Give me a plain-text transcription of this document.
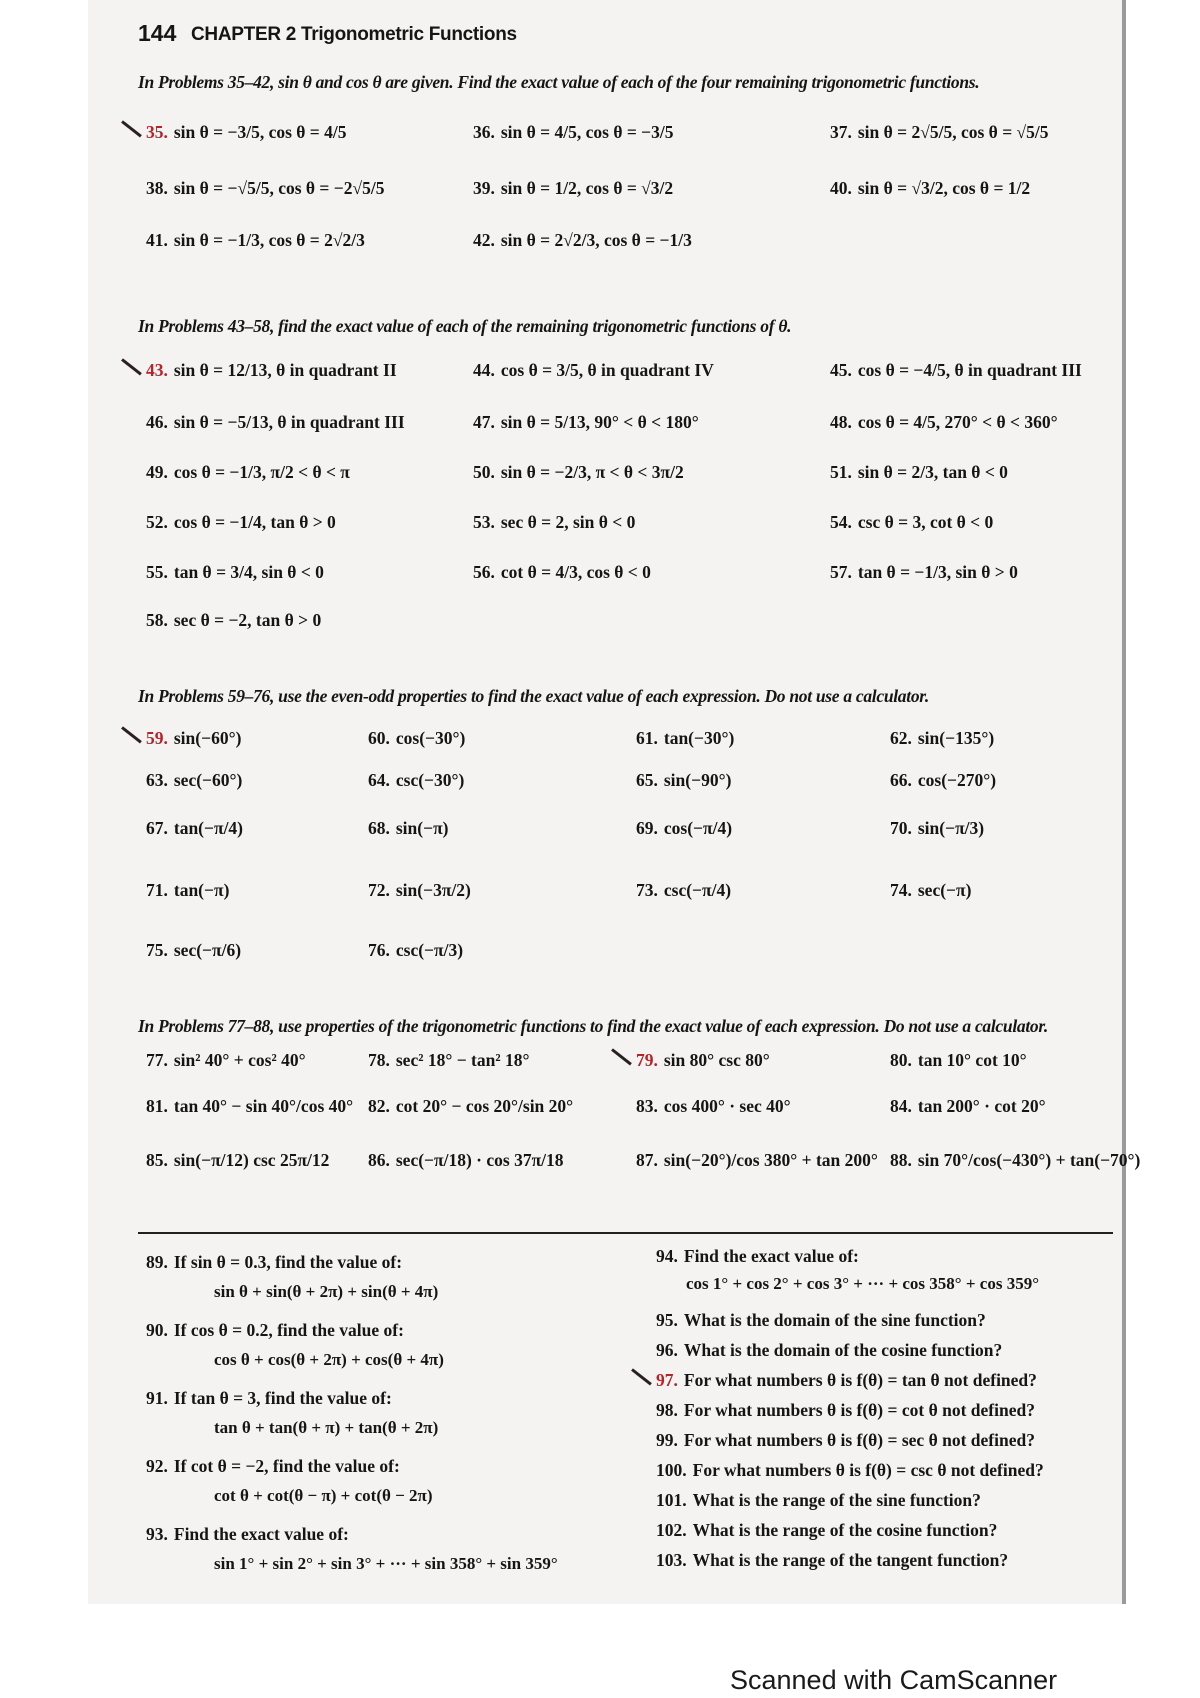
144 CHAPTER 2 Trigonometric Functions
In Problems 35–42, sin θ and cos θ are given. Find the exact value of each of the four remaining trigonometric functions.
35. sin θ = −3/5, cos θ = 4/5	36. sin θ = 4/5, cos θ = −3/5	37. sin θ = 2√5/5, cos θ = √5/5
38. sin θ = −√5/5, cos θ = −2√5/5	39. sin θ = 1/2, cos θ = √3/2	40. sin θ = √3/2, cos θ = 1/2
41. sin θ = −1/3, cos θ = 2√2/3	42. sin θ = 2√2/3, cos θ = −1/3
In Problems 43–58, find the exact value of each of the remaining trigonometric functions of θ.
43. sin θ = 12/13, θ in quadrant II	44. cos θ = 3/5, θ in quadrant IV	45. cos θ = −4/5, θ in quadrant III
46. sin θ = −5/13, θ in quadrant III	47. sin θ = 5/13, 90° < θ < 180°	48. cos θ = 4/5, 270° < θ < 360°
49. cos θ = −1/3, π/2 < θ < π	50. sin θ = −2/3, π < θ < 3π/2	51. sin θ = 2/3, tan θ < 0
52. cos θ = −1/4, tan θ > 0	53. sec θ = 2, sin θ < 0	54. csc θ = 3, cot θ < 0
55. tan θ = 3/4, sin θ < 0	56. cot θ = 4/3, cos θ < 0	57. tan θ = −1/3, sin θ > 0
58. sec θ = −2, tan θ > 0
In Problems 59–76, use the even-odd properties to find the exact value of each expression. Do not use a calculator.
59. sin(−60°)	60. cos(−30°)	61. tan(−30°)	62. sin(−135°)
63. sec(−60°)	64. csc(−30°)	65. sin(−90°)	66. cos(−270°)
67. tan(−π/4)	68. sin(−π)	69. cos(−π/4)	70. sin(−π/3)
71. tan(−π)	72. sin(−3π/2)	73. csc(−π/4)	74. sec(−π)
75. sec(−π/6)	76. csc(−π/3)
In Problems 77–88, use properties of the trigonometric functions to find the exact value of each expression. Do not use a calculator.
77. sin² 40° + cos² 40°	78. sec² 18° − tan² 18°	79. sin 80° csc 80°	80. tan 10° cot 10°
81. tan 40° − sin 40°/cos 40° 82. cot 20° − cos 20°/sin 20°	83. cos 400° · sec 40°	84. tan 200° · cot 20°
85. sin(−π/12) csc 25π/12 86. sec(−π/18) · cos 37π/18	87. sin(−20°)/cos 380° + tan 200° 88. sin 70°/cos(−430°) + tan(−70°)
89. If sin θ = 0.3, find the value of:
sin θ + sin(θ + 2π) + sin(θ + 4π)
90. If cos θ = 0.2, find the value of:
cos θ + cos(θ + 2π) + cos(θ + 4π)
91. If tan θ = 3, find the value of:
tan θ + tan(θ + π) + tan(θ + 2π)
92. If cot θ = −2, find the value of:
cot θ + cot(θ − π) + cot(θ − 2π)
93. Find the exact value of:
sin 1° + sin 2° + sin 3° + ··· + sin 358° + sin 359°
94. Find the exact value of:
cos 1° + cos 2° + cos 3° + ··· + cos 358° + cos 359°
95. What is the domain of the sine function?
96. What is the domain of the cosine function?
97. For what numbers θ is f(θ) = tan θ not defined?
98. For what numbers θ is f(θ) = cot θ not defined?
99. For what numbers θ is f(θ) = sec θ not defined?
100. For what numbers θ is f(θ) = csc θ not defined?
101. What is the range of the sine function?
102. What is the range of the cosine function?
103. What is the range of the tangent function?
Scanned with CamScanner
